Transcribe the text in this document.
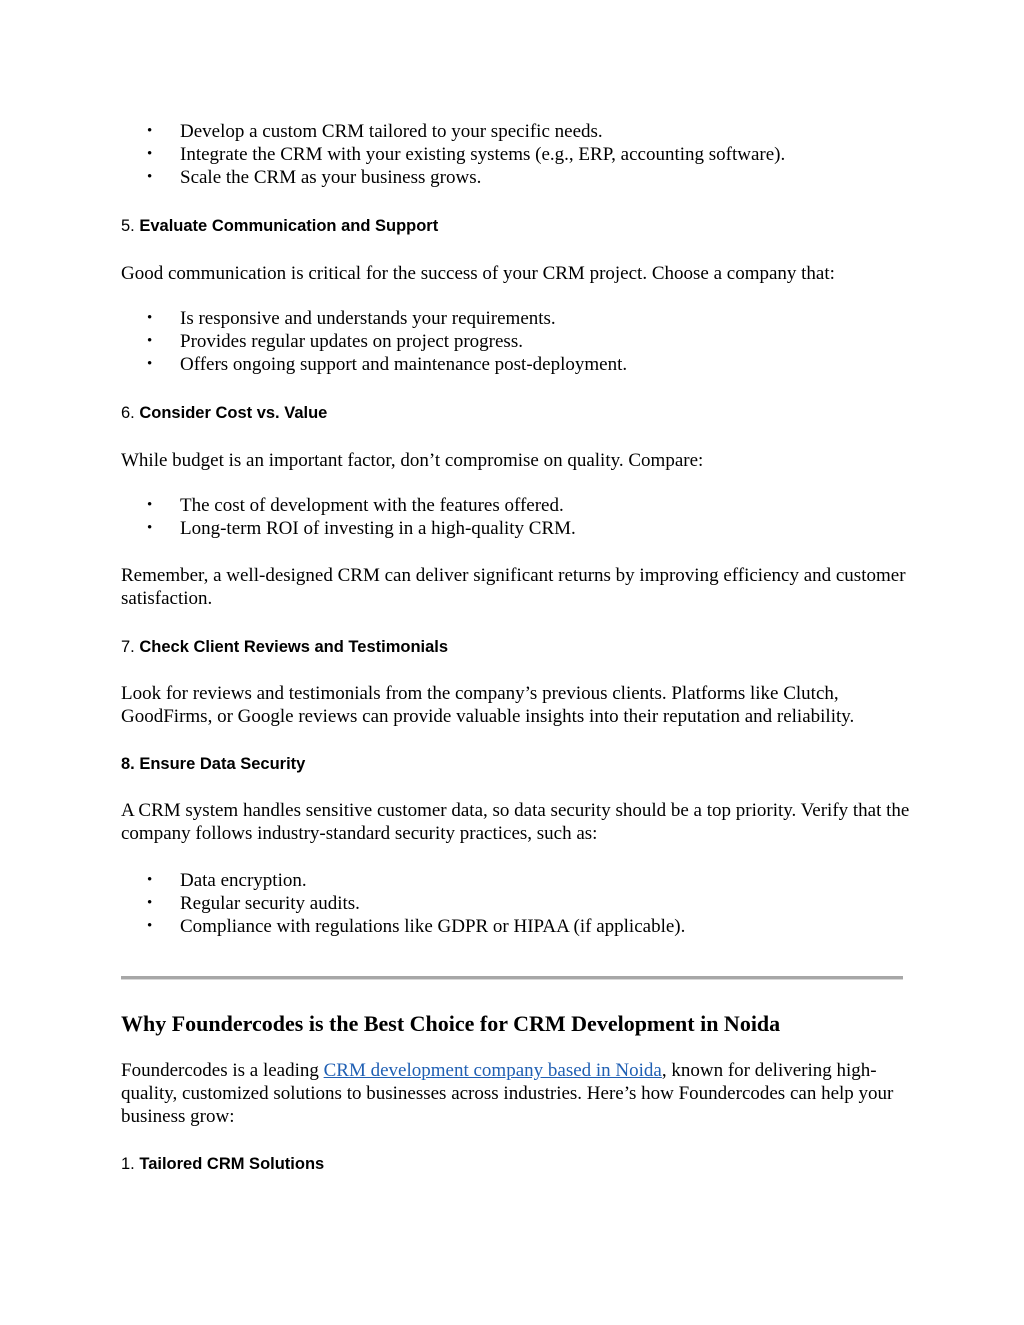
• Develop a custom CRM tailored to your specific needs.
• Integrate the CRM with your existing systems (e.g., ERP, accounting software).
• Scale the CRM as your business grows.
5. Evaluate Communication and Support

Good communication is critical for the success of your CRM project. Choose a company that:

• Is responsive and understands your requirements.
• Provides regular updates on project progress.
• Offers ongoing support and maintenance post-deployment.
6. Consider Cost vs. Value

While budget is an important factor, don’t compromise on quality. Compare:

• The cost of development with the features offered.
• Long-term ROI of investing in a high-quality CRM.

Remember, a well-designed CRM can deliver significant returns by improving efficiency and customer satisfaction.

7. Check Client Reviews and Testimonials

Look for reviews and testimonials from the company’s previous clients. Platforms like Clutch, GoodFirms, or Google reviews can provide valuable insights into their reputation and reliability.

8. Ensure Data Security

A CRM system handles sensitive customer data, so data security should be a top priority. Verify that the company follows industry-standard security practices, such as:

• Data encryption.
• Regular security audits.
• Compliance with regulations like GDPR or HIPAA (if applicable).
Why Foundercodes is the Best Choice for CRM Development in Noida

Foundercodes is a leading CRM development company based in Noida, known for delivering high-quality, customized solutions to businesses across industries. Here’s how Foundercodes can help your business grow:

1. Tailored CRM Solutions
